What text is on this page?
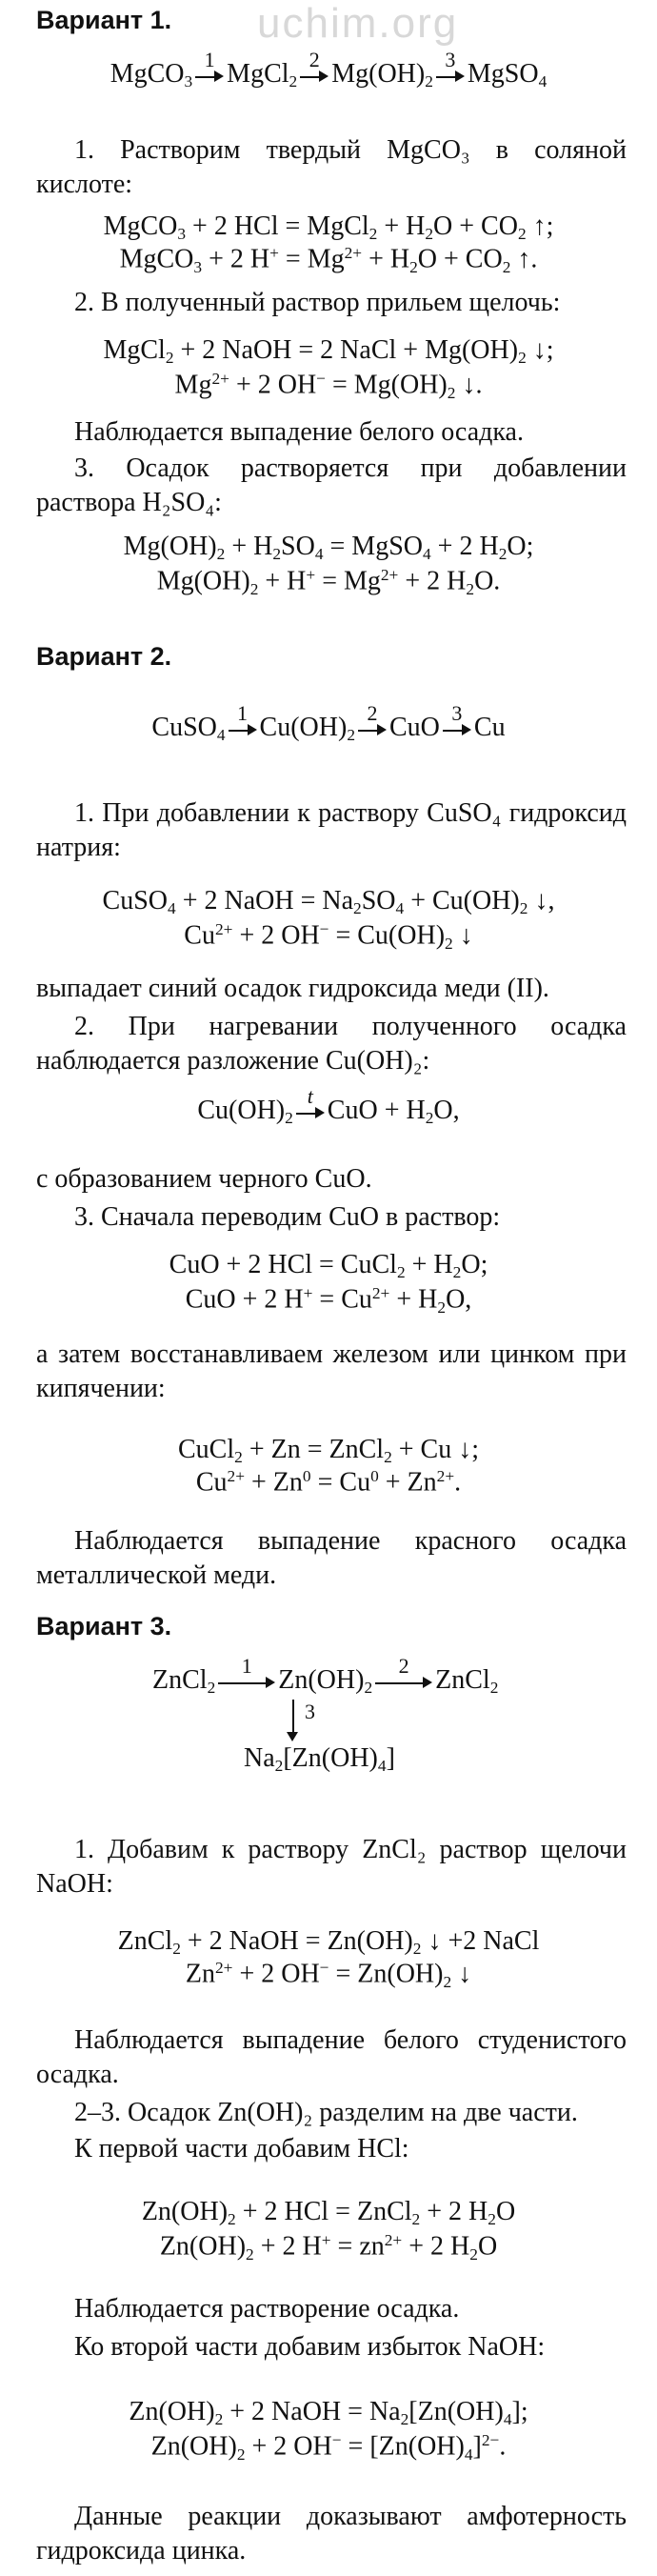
uchim.org
Вариант 1.
MgCO$_3$
1 MgCl$_2$
2 $Mg(OH)_2$
3 MgSO$_4$
1. Растворим твердый MgCO₃ в соляной кислоте:
MgCO$_3$ + 2 HCl = MgCl$_2$ + $H_2O + CO_2$ ↑;
MgCO$_3$ + 2 $H^+ = Mg^{2+} + H_2O + CO_2$ ↑.
2. В полученный раствор прильем щелочь:
MgCl$_2$ + 2 NaOH = 2 NaCl + $Mg(OH)_2$ ↓;
$Mg^{2+} + 2$ $OH^- = Mg(OH)_2$ ↓.
Наблюдается выпадение белого осадка.
3. Осадок растворяется при добавлении раствора H₂SO₄:
$Mg(OH)_2 + H_2SO_4$ = MgSO$_4$ + 2 $H_2O$;
$Mg(OH)_2 + H^+ = Mg^{2+} + 2$ $H_2O$.
Вариант 2.
CuSO$_4$
1 $Cu(OH)_2$
2 CuO 3 Cu
1. При добавлении к раствору CuSO₄ гидроксид натрия:
CuSO$_4$ + 2 NaOH = $Na_2SO_4 + Cu(OH)_2$ ↓,
$Cu^{2+} + 2$ $OH^- = Cu(OH)_2$ ↓
выпадает синий осадок гидроксида меди (II).
2. При нагревании полученного осадка наблюдается разложение Cu(OH)₂:
$Cu(OH)_2$
t CuO + $H_2O$,
с образованием черного CuO.
3. Сначала переводим CuO в раствор:
CuO + 2 HCl = CuCl$_2$ + $H_2O$;
CuO + 2 $H^+ = Cu^{2+} + H_2O$,
а затем восстанавливаем железом или цинком при кипячении:
CuCl$_2$ + Zn = ZnCl$_2$ + Cu ↓;
$Cu^{2+} + Zn^0 = Cu^0 + Zn^{2+}$.
Наблюдается выпадение красного осадка металлической меди.
Вариант 3.
ZnCl$_2$
1 $Zn(OH)_2$
2 ZnCl$_2$
3
$Na_2[Zn(OH)_4]$
1. Добавим к раствору ZnCl₂ раствор щелочи NaOH:
ZnCl$_2$ + 2 NaOH = $Zn(OH)_2$ ↓ +2 NaCl
$Zn^{2+} + 2$ $OH^- = Zn(OH)_2$ ↓
Наблюдается выпадение белого студенистого осадка.
2–3. Осадок Zn(OH)₂ разделим на две части.
К первой части добавим HCl:
$Zn(OH)_2 + 2$ HCl = ZnCl$_2$ + 2 $H_2O$
$Zn(OH)_2 + 2$ $H^+ = zn^{2+} + 2$ $H_2O$
Наблюдается растворение осадка.
Ко второй части добавим избыток NaOH:
$Zn(OH)_2 + 2$ NaOH = $Na_2[Zn(OH)_4]$;
$Zn(OH)_2 + 2$ $OH^- = [Zn(OH)_4]^{2-}$.
Данные реакции доказывают амфотерность гидроксида цинка.
